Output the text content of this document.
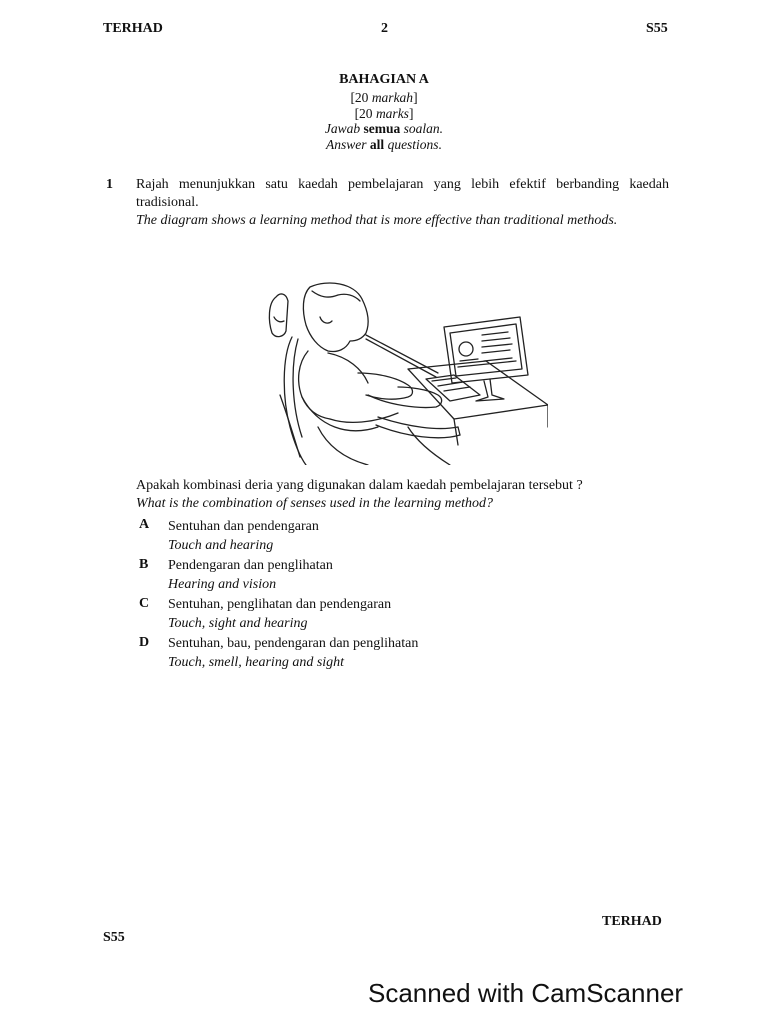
TERHAD	2	S55
BAHAGIAN A
[20 markah]
[20 marks]
Jawab semua soalan.
Answer all questions.
1 Rajah menunjukkan satu kaedah pembelajaran yang lebih efektif berbanding kaedah tradisional.
The diagram shows a learning method that is more effective than traditional methods.
Apakah kombinasi deria yang digunakan dalam kaedah pembelajaran tersebut ?
What is the combination of senses used in the learning method?
A Sentuhan dan pendengaran
Touch and hearing
B Pendengaran dan penglihatan
Hearing and vision
C Sentuhan, penglihatan dan pendengaran
Touch, sight and hearing
D Sentuhan, bau, pendengaran dan penglihatan
Touch, smell, hearing and sight
TERHAD
S55
Scanned with CamScanner
